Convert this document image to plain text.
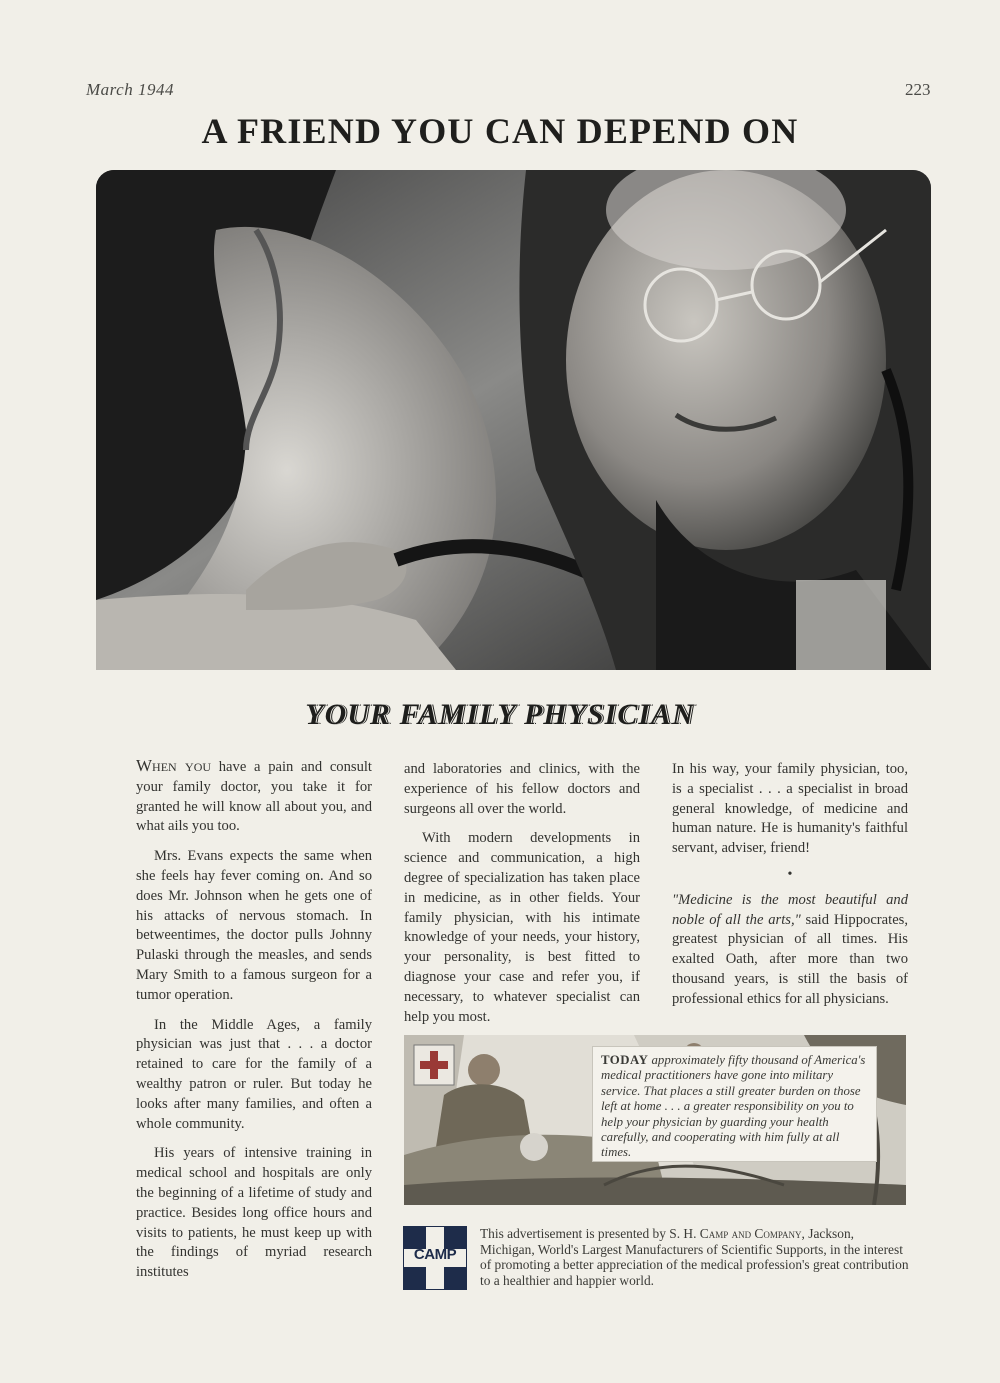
March 1944	223
A FRIEND YOU CAN DEPEND ON
YOUR FAMILY PHYSICIAN

When you have a pain and consult your family doctor, you take it for granted he will know all about you, and what ails you too.

Mrs. Evans expects the same when she feels hay fever coming on. And so does Mr. Johnson when he gets one of his attacks of nervous stomach. In betweentimes, the doctor pulls Johnny Pulaski through the measles, and sends Mary Smith to a famous surgeon for a tumor operation.

In the Middle Ages, a family physician was just that . . . a doctor retained to care for the family of a wealthy patron or ruler. But today he looks after many families, and often a whole community.

His years of intensive training in medical school and hospitals are only the beginning of a lifetime of study and practice. Besides long office hours and visits to patients, he must keep up with the findings of myriad research institutes

and laboratories and clinics, with the experience of his fellow doctors and surgeons all over the world.

With modern developments in science and communication, a high degree of specialization has taken place in medicine, as in other fields. Your family physician, with his intimate knowledge of your needs, your history, your personality, is best fitted to diagnose your case and refer you, if necessary, to whatever specialist can help you most.

In his way, your family physician, too, is a specialist . . . a specialist in broad general knowledge, of medicine and human nature. He is humanity's faithful servant, adviser, friend!

•

"Medicine is the most beautiful and noble of all the arts," said Hippocrates, greatest physician of all times. His exalted Oath, after more than two thousand years, is still the basis of professional ethics for all physicians.

TODAY approximately fifty thousand of America's medical practitioners have gone into military service. That places a still greater burden on those left at home . . . a greater responsibility on you to help your physician by guarding your health carefully, and cooperating with him fully at all times.
CAMP
This advertisement is presented by S. H. Camp and Company, Jackson, Michigan, World's Largest Manufacturers of Scientific Supports, in the interest of promoting a better appreciation of the medical profession's great contribution to a healthier and happier world.
